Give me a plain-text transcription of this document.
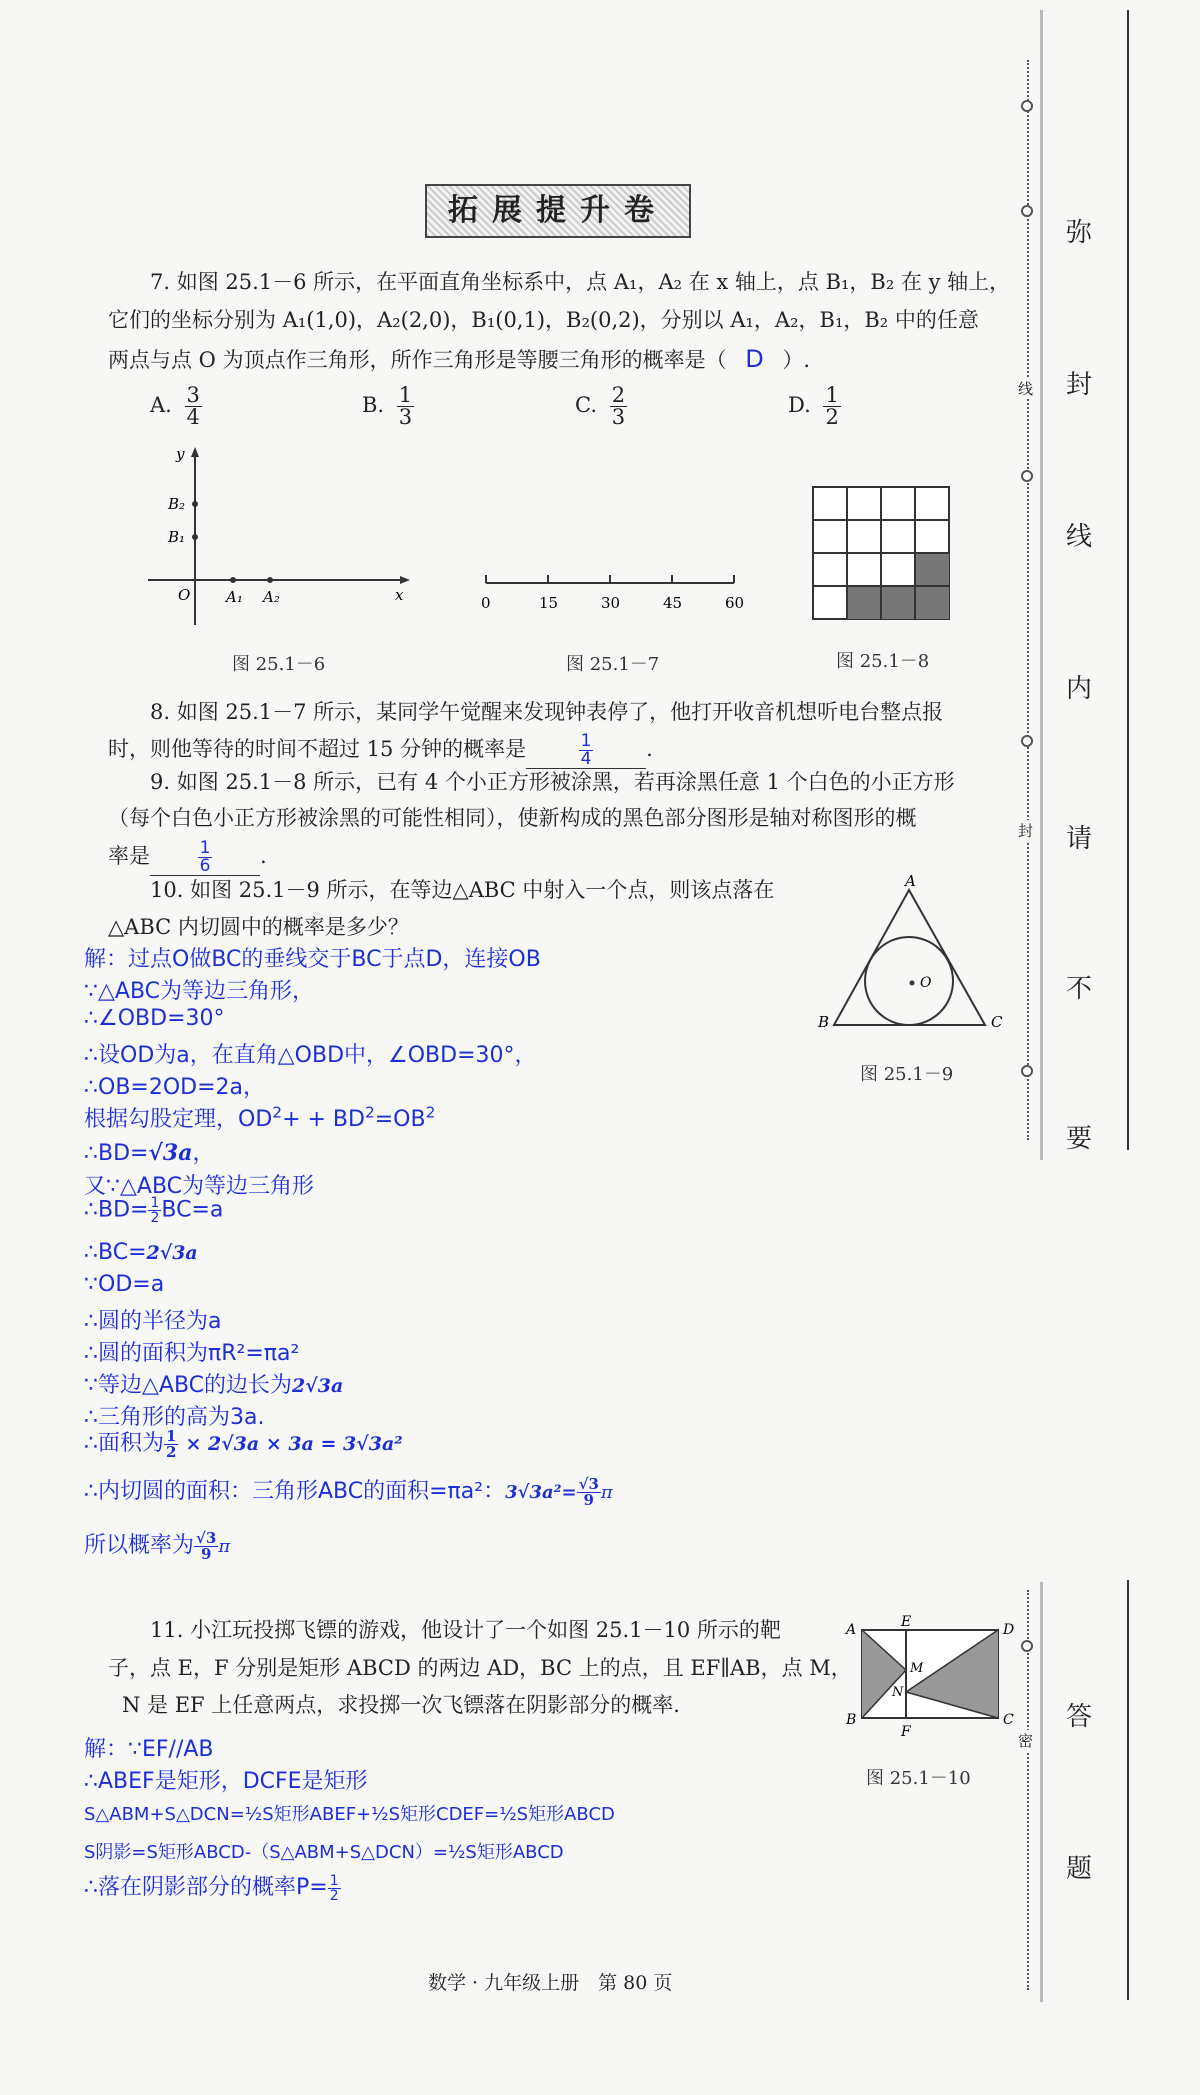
拓展提升卷
7. 如图 25.1－6 所示，在平面直角坐标系中，点 A₁，A₂ 在 x 轴上，点 B₁，B₂ 在 y 轴上，
它们的坐标分别为 A₁(1,0)，A₂(2,0)，B₁(0,1)，B₂(0,2)，分别以 A₁，A₂，B₁，B₂ 中的任意
两点与点 O 为顶点作三角形，所作三角形是等腰三角形的概率是（ D ）.
A. $\frac{3}{4}$	B. $\frac{1}{3}$	C. $\frac{2}{3}$	D. $\frac{1}{2}$
y
x
O
B₂
B₁
A₁ A₂
图 25.1－6
0	15	30	45	60
图 25.1－7	图 25.1－8
8. 如图 25.1－7 所示，某同学午觉醒来发现钟表停了，他打开收音机想听电台整点报
时，则他等待的时间不超过 15 分钟的概率是	$\frac{1}{4}$	.
9. 如图 25.1－8 所示，已有 4 个小正方形被涂黑，若再涂黑任意 1 个白色的小正方形
（每个白色小正方形被涂黑的可能性相同），使新构成的黑色部分图形是轴对称图形的概
率是	$\frac{1}{6}$ .
10. 如图 25.1－9 所示，在等边△ABC 中射入一个点，则该点落在
△ABC 内切圆中的概率是多少？
A
B	C
O
图 25.1－9
解：过点O做BC的垂线交于BC于点D，连接OB
∵△ABC为等边三角形，
∴∠OBD=30°
∴设OD为a，在直角△OBD中，∠OBD=30°，
∴OB=2OD=2a，
根据勾股定理，$OD^2+ + BD^2=OB^2$
∴BD=√3a，
又∵△ABC为等边三角形
∴BD= $\frac{1}{2} BC=a$
∴BC=2√3a
∵OD=a
∴圆的半径为a
∴圆的面积为πR²=πa²
∵等边△ABC的边长为2√3a
∴三角形的高为3a.
∴面积为 $\frac{1}{2} \times 2√3a \times 3a = 3√3a^2$
∴内切圆的面积：三角形ABC的面积=πa²：$3√3a^2= \frac{√3}{9}$ π
所以概率为 $\frac{√3}{9}$ π
11. 小江玩投掷飞镖的游戏，他设计了一个如图 25.1－10 所示的靶
子，点 E，F 分别是矩形 ABCD 的两边 AD，BC 上的点，且 EF∥AB，点 M，
N 是 EF 上任意两点，求投掷一次飞镖落在阴影部分的概率.
A	E	D
M
N
B
F
C
图 25.1－10
解：∵EF//AB
∴ABEF是矩形，DCFE是矩形
S△ABM+S△DCN=½S矩形ABEF+½S矩形CDEF=½S矩形ABCD
S阴影=S矩形ABCD-（S△ABM+S△DCN）=½S矩形ABCD
∴落在阴影部分的概率$P= \frac{1}{2}$
数学 · 九年级上册　第 80 页
线
封
密
弥
封
线
内
请
不
要
答
题
